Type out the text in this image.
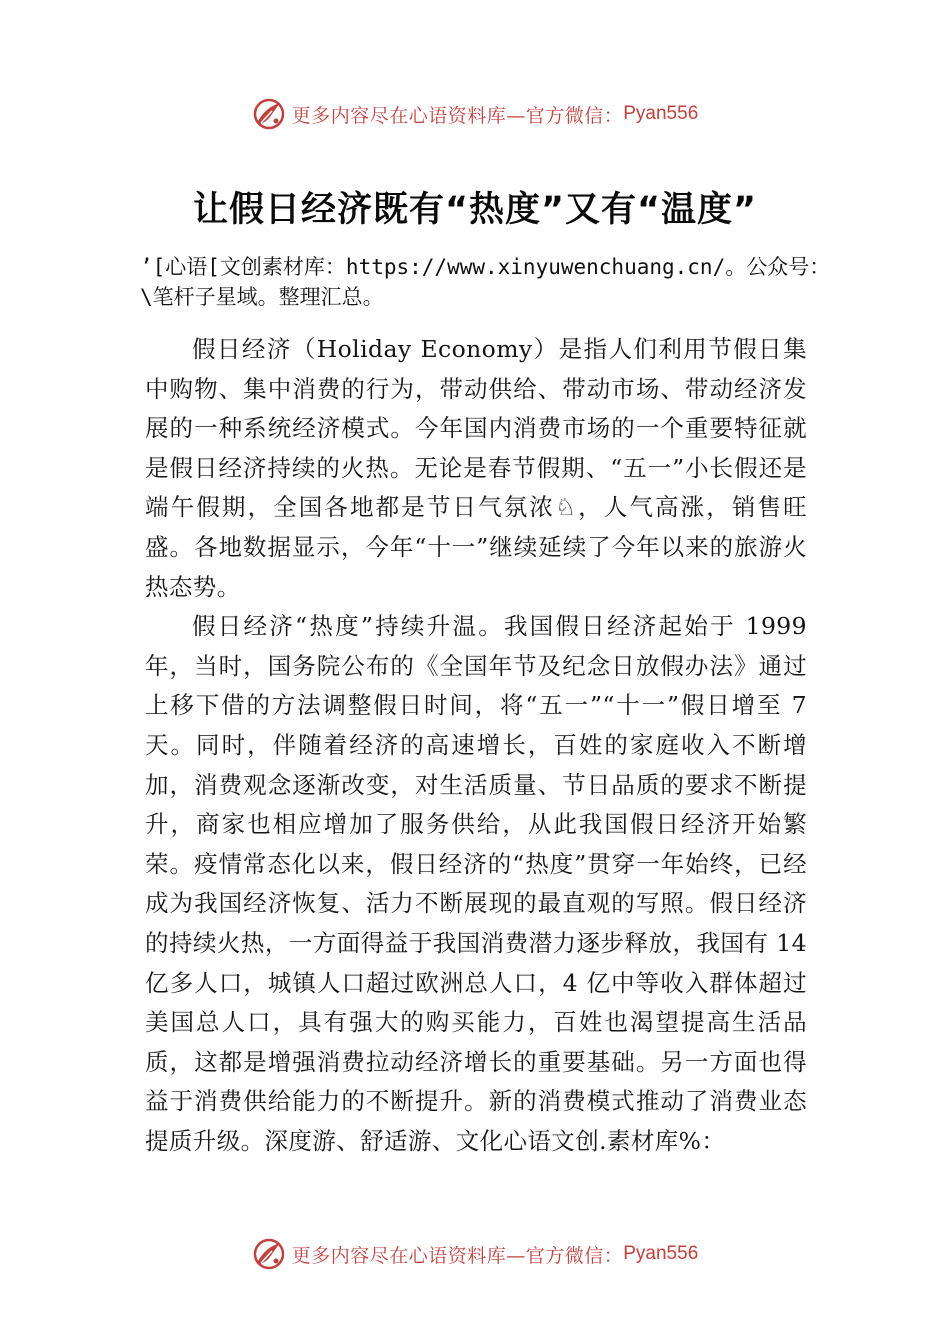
更多内容尽在心语资料库—官方微信： Pyan556
让假日经济既有“热度”又有“温度”
’[心语[文创素材库：https://www.xinyuwenchuang.cn/。公众号：\笔杆子星域。整理汇总。

假日经济（Holiday Economy）是指人们利用节假日集中购物、集中消费的行为，带动供给、带动市场、带动经济发展的一种系统经济模式。今年国内消费市场的一个重要特征就是假日经济持续的火热。无论是春节假期、“五一”小长假还是端午假期，全国各地都是节日气氛浓♘，人气高涨，销售旺盛。各地数据显示，今年“十一”继续延续了今年以来的旅游火热态势。

假日经济“热度”持续升温。我国假日经济起始于 1999 年，当时，国务院公布的《全国年节及纪念日放假办法》通过上移下借的方法调整假日时间，将“五一”“十一”假日增至 7 天。同时，伴随着经济的高速增长，百姓的家庭收入不断增加，消费观念逐渐改变，对生活质量、节日品质的要求不断提升，商家也相应增加了服务供给，从此我国假日经济开始繁荣。疫情常态化以来，假日经济的“热度”贯穿一年始终，已经成为我国经济恢复、活力不断展现的最直观的写照。假日经济的持续火热，一方面得益于我国消费潜力逐步释放，我国有 14 亿多人口，城镇人口超过欧洲总人口，4 亿中等收入群体超过美国总人口，具有强大的购买能力，百姓也渴望提高生活品质，这都是增强消费拉动经济增长的重要基础。另一方面也得益于消费供给能力的不断提升。新的消费模式推动了消费业态提质升级。深度游、舒适游、文化心语文创.素材库%：

更多内容尽在心语资料库—官方微信： Pyan556
